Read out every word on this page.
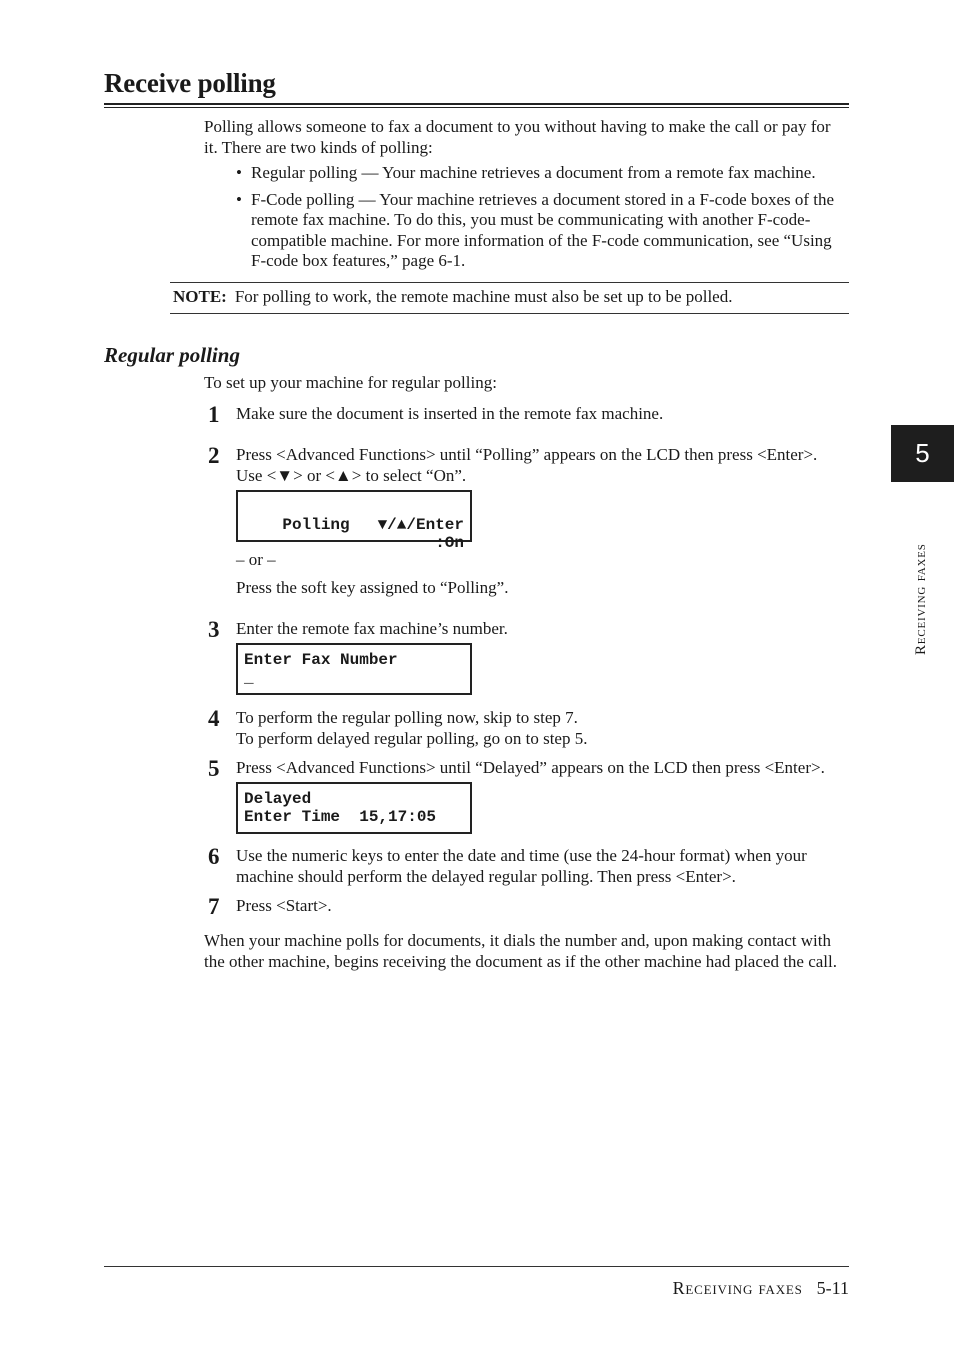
Receive polling
Polling allows someone to fax a document to you without having to make the call or pay for it. There are two kinds of polling:
• Regular polling — Your machine retrieves a document from a remote fax machine.
• F-Code polling — Your machine retrieves a document stored in a F-code boxes of the remote fax machine. To do this, you must be communicating with another F-code-compatible machine. For more information of the F-code communication, see “Using F-code box features,” page 6-1.
NOTE: For polling to work, the remote machine must also be set up to be polled.
Regular polling
To set up your machine for regular polling:
1 Make sure the document is inserted in the remote fax machine.
2 Press <Advanced Functions> until “Polling” appears on the LCD then press <Enter>.
Use <▼> or <▲> to select “On”.

Polling

:On

▼/▲/Enter
– or –
Press the soft key assigned to “Polling”.
3 Enter the remote fax machine’s number.
Enter Fax Number
_
4 To perform the regular polling now, skip to step 7.
To perform delayed regular polling, go on to step 5.
5 Press <Advanced Functions> until “Delayed” appears on the LCD then press <Enter>.
Delayed
Enter Time  15,17:05
6 Use the numeric keys to enter the date and time (use the 24-hour format) when your machine should perform the delayed regular polling. Then press <Enter>.
7 Press <Start>.
When your machine polls for documents, it dials the number and, upon making contact with the other machine, begins receiving the document as if the other machine had placed the call.
5
Receiving faxes
Receiving faxes 5-11
